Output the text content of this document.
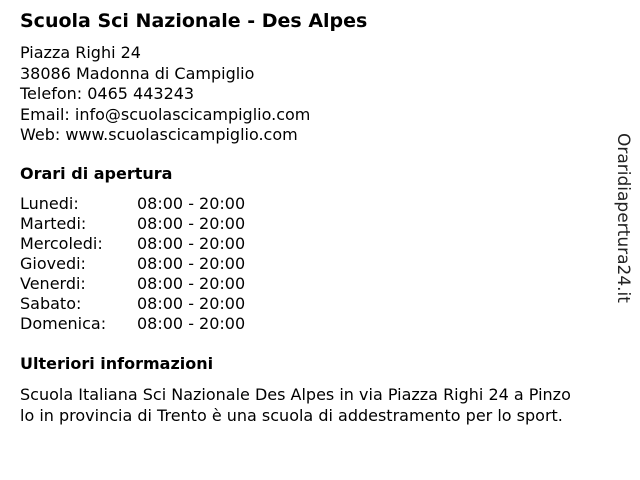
Scuola Sci Nazionale - Des Alpes
Piazza Righi 24
38086 Madonna di Campiglio
Telefon: 0465 443243
Email: info@scuolascicampiglio.com
Web: www.scuolascicampiglio.com
Orari di apertura
Lunedi:	08:00 - 20:00
Martedi:	08:00 - 20:00
Mercoledi: 08:00 - 20:00
Giovedi:	08:00 - 20:00
Venerdi:	08:00 - 20:00
Sabato:	08:00 - 20:00
Domenica: 08:00 - 20:00
Ulteriori informazioni
Scuola Italiana Sci Nazionale Des Alpes in via Piazza Righi 24 a Pinzo
lo in provincia di Trento è una scuola di addestramento per lo sport.
Oraridiapertura24.it
